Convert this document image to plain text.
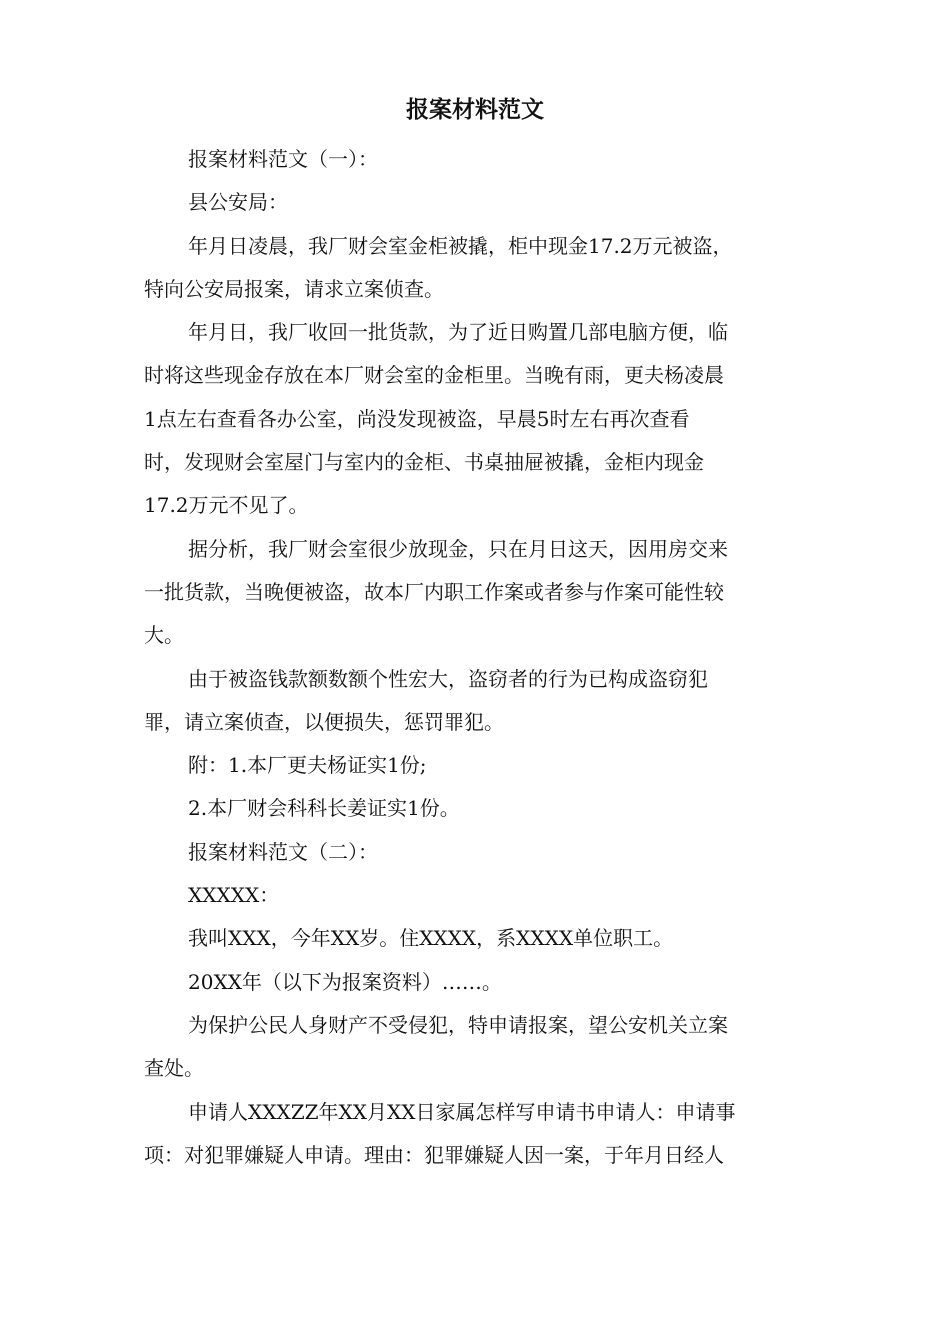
报案材料范文
报案材料范文（一）：
县公安局：
年月日凌晨，我厂财会室金柜被撬，柜中现金17.2万元被盗，
特向公安局报案，请求立案侦查。
年月日，我厂收回一批货款，为了近日购置几部电脑方便，临
时将这些现金存放在本厂财会室的金柜里。当晚有雨，更夫杨凌晨
1点左右查看各办公室，尚没发现被盗，早晨5时左右再次查看
时，发现财会室屋门与室内的金柜、书桌抽屉被撬，金柜内现金
17.2万元不见了。
据分析，我厂财会室很少放现金，只在月日这天，因用房交来
一批货款，当晚便被盗，故本厂内职工作案或者参与作案可能性较
大。
由于被盗钱款额数额个性宏大，盗窃者的行为已构成盗窃犯
罪，请立案侦查，以便损失，惩罚罪犯。
附：1.本厂更夫杨证实1份;
2.本厂财会科科长姜证实1份。
报案材料范文（二）：
XXXXX：
我叫XXX，今年XX岁。住XXXX，系XXXX单位职工。
20XX年（以下为报案资料）……。
为保护公民人身财产不受侵犯，特申请报案，望公安机关立案
查处。
申请人XXXZZ年XX月XX日家属怎样写申请书申请人：申请事
项：对犯罪嫌疑人申请。理由：犯罪嫌疑人因一案，于年月日经人
